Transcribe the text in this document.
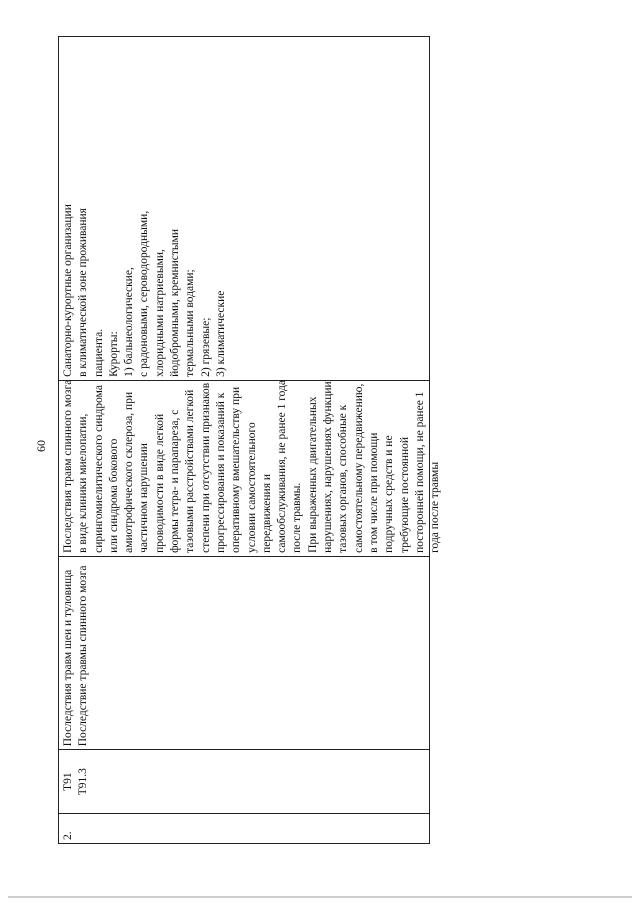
60
2.
T91 T91.3
Последствия травм шеи и туловища Последствие травмы спинного мозга
Последствия травм спинного мозга в виде клиники миелопатии, сирингомиелитического синдрома или синдрома бокового амиотрофического склероза, при частичном нарушении проводимости в виде легкой формы тетра- и парапареза, с тазовыми расстройствами легкой степени при отсутствии признаков прогрессирования и показаний к оперативному вмешательству при условии самостоятельного передвижения и самообслуживания, не ранее 1 года после травмы. При выраженных двигательных нарушениях, нарушениях функции тазовых органов, способные к самостоятельному передвижению, в том числе при помощи подручных средств и не требующие постоянной посторонней помощи, не ранее 1 года после травмы
Санаторно-курортные организации в климатической зоне проживания пациента. Курорты: 1) бальнеологические, с радоновыми, сероводородными, хлоридными натриевыми, йодобромными, кремнистыми термальными водами; 2) грязевые; 3) климатические
